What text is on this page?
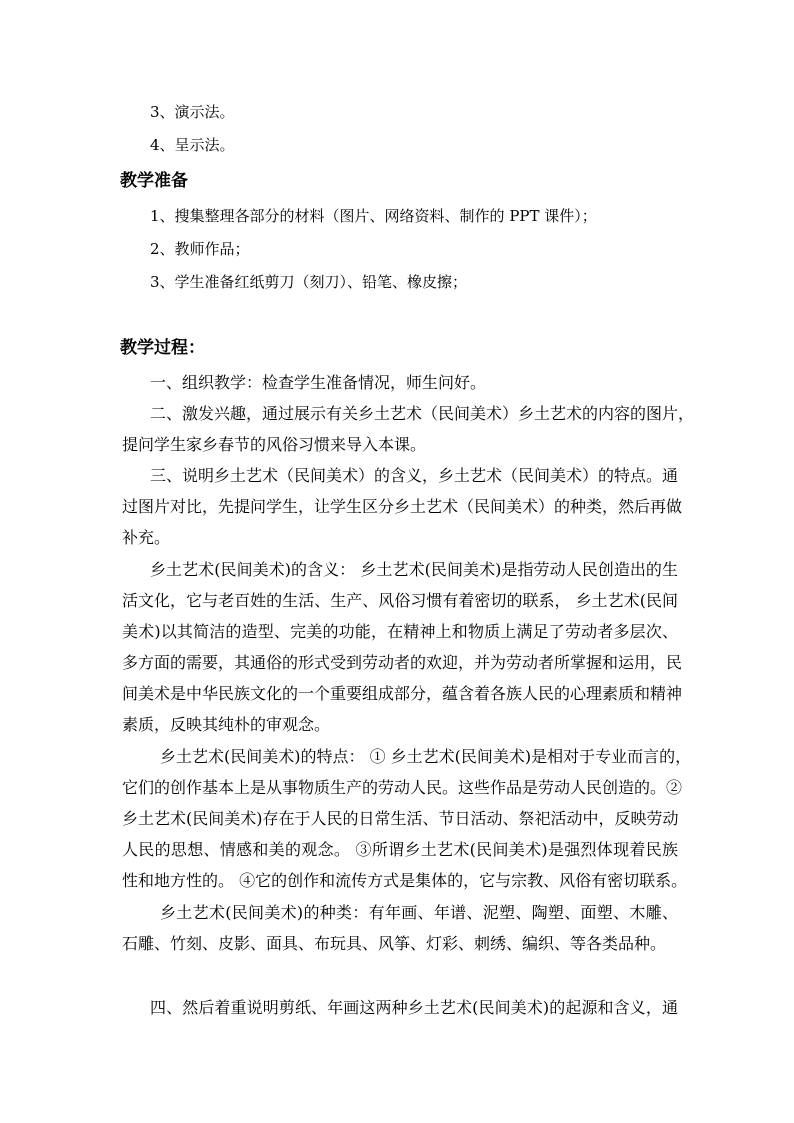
3、演示法。

4、呈示法。

教学准备

1、搜集整理各部分的材料（图片、网络资料、制作的 PPT 课件）；

2、教师作品；

3、学生准备红纸剪刀（刻刀）、铅笔、橡皮擦；

教学过程：

一、组织教学：检查学生准备情况，师生问好。

二、激发兴趣，通过展示有关乡土艺术（民间美术）乡土艺术的内容的图片，

提问学生家乡春节的风俗习惯来导入本课。

三、说明乡土艺术（民间美术）的含义，乡土艺术（民间美术）的特点。通

过图片对比，先提问学生，让学生区分乡土艺术（民间美术）的种类，然后再做

补充。

乡土艺术(民间美术)的含义： 乡土艺术(民间美术)是指劳动人民创造出的生

活文化，它与老百姓的生活、生产、风俗习惯有着密切的联系， 乡土艺术(民间

美术)以其简洁的造型、完美的功能，在精神上和物质上满足了劳动者多层次、

多方面的需要，其通俗的形式受到劳动者的欢迎，并为劳动者所掌握和运用，民

间美术是中华民族文化的一个重要组成部分，蕴含着各族人民的心理素质和精神

素质，反映其纯朴的审观念。

乡土艺术(民间美术)的特点： ① 乡土艺术(民间美术)是相对于专业而言的，

它们的创作基本上是从事物质生产的劳动人民。这些作品是劳动人民创造的。②

乡土艺术(民间美术)存在于人民的日常生活、节日活动、祭祀活动中，反映劳动

人民的思想、情感和美的观念。 ③所谓乡土艺术(民间美术)是强烈体现着民族

性和地方性的。 ④它的创作和流传方式是集体的，它与宗教、风俗有密切联系。

乡土艺术(民间美术)的种类：有年画、年谱、泥塑、陶塑、面塑、木雕、

石雕、竹刻、皮影、面具、布玩具、风筝、灯彩、刺绣、编织、等各类品种。

四、然后着重说明剪纸、年画这两种乡土艺术(民间美术)的起源和含义，通
